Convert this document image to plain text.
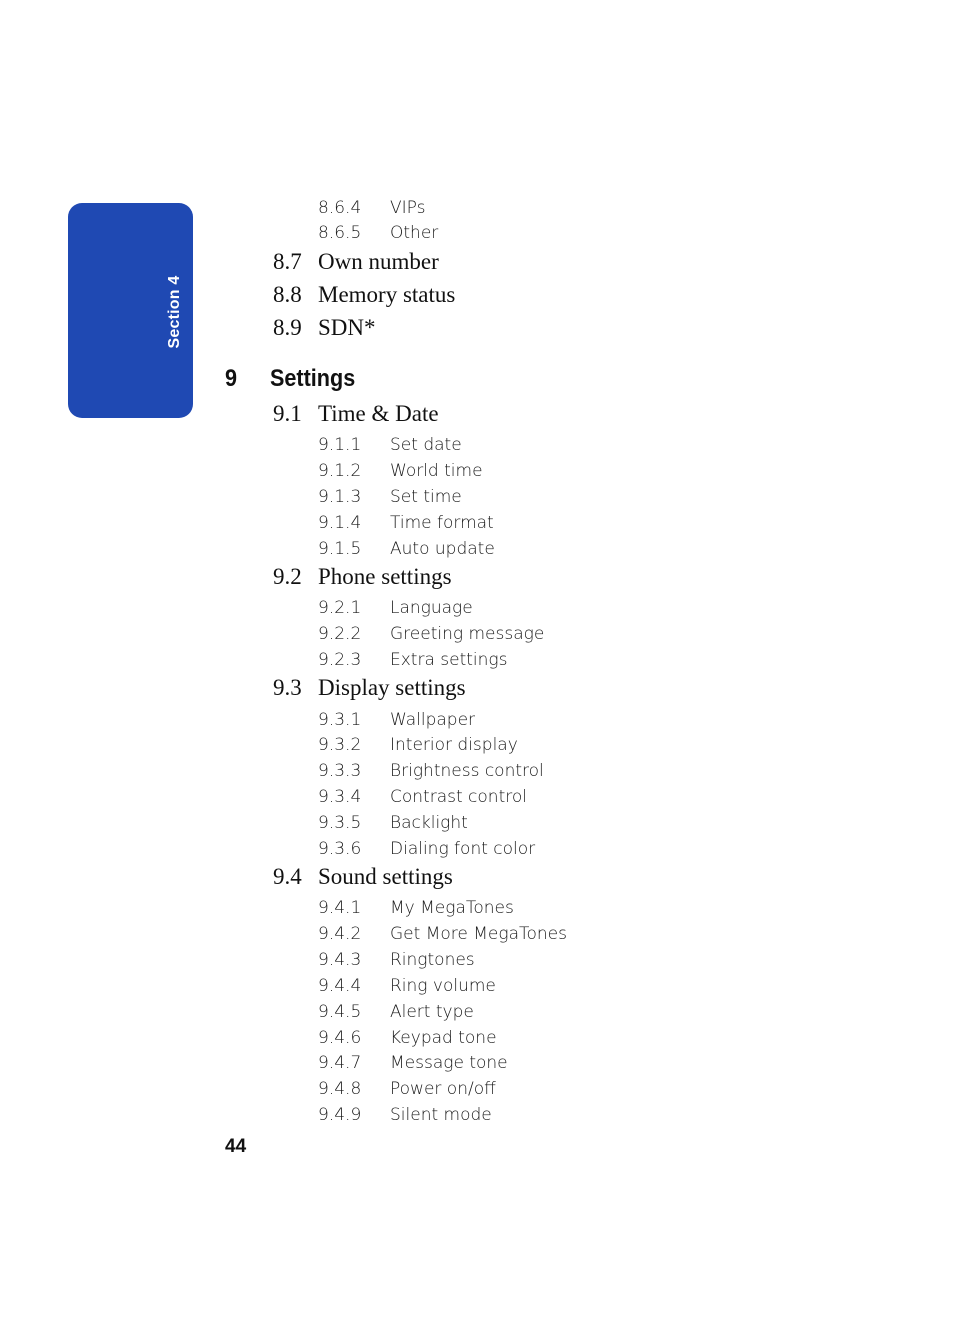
Section 4
8.6.4 VIPs
8.6.5 Other
8.7 Own number
8.8 Memory status
8.9 SDN*
9 Settings
9.1 Time & Date
9.1.1 Set date
9.1.2 World time
9.1.3 Set time
9.1.4 Time format
9.1.5 Auto update
9.2 Phone settings
9.2.1 Language
9.2.2 Greeting message
9.2.3 Extra settings
9.3 Display settings
9.3.1 Wallpaper
9.3.2 Interior display
9.3.3 Brightness control
9.3.4 Contrast control
9.3.5 Backlight
9.3.6 Dialing font color
9.4 Sound settings
9.4.1 My MegaTones
9.4.2 Get More MegaTones
9.4.3 Ringtones
9.4.4 Ring volume
9.4.5 Alert type
9.4.6 Keypad tone
9.4.7 Message tone
9.4.8 Power on/off
9.4.9 Silent mode
44
